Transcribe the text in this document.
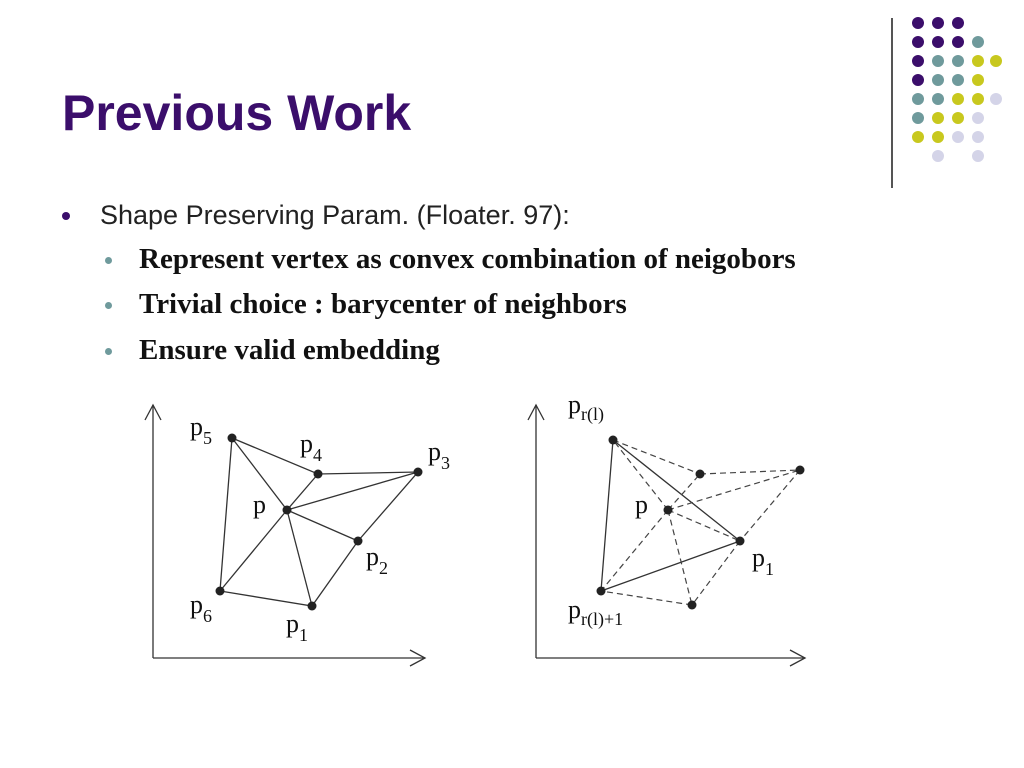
Previous Work
Shape Preserving Param. (Floater. 97):
Represent vertex as convex combination of neigobors
Trivial choice : barycenter of neighbors
Ensure valid embedding
$p_5$	$p_4$	$p_3$
p
$p_2$
$p_6$	$p_1$
$p_{r(l)}$
p
$p_1$
$p_{r(l)+1}$
